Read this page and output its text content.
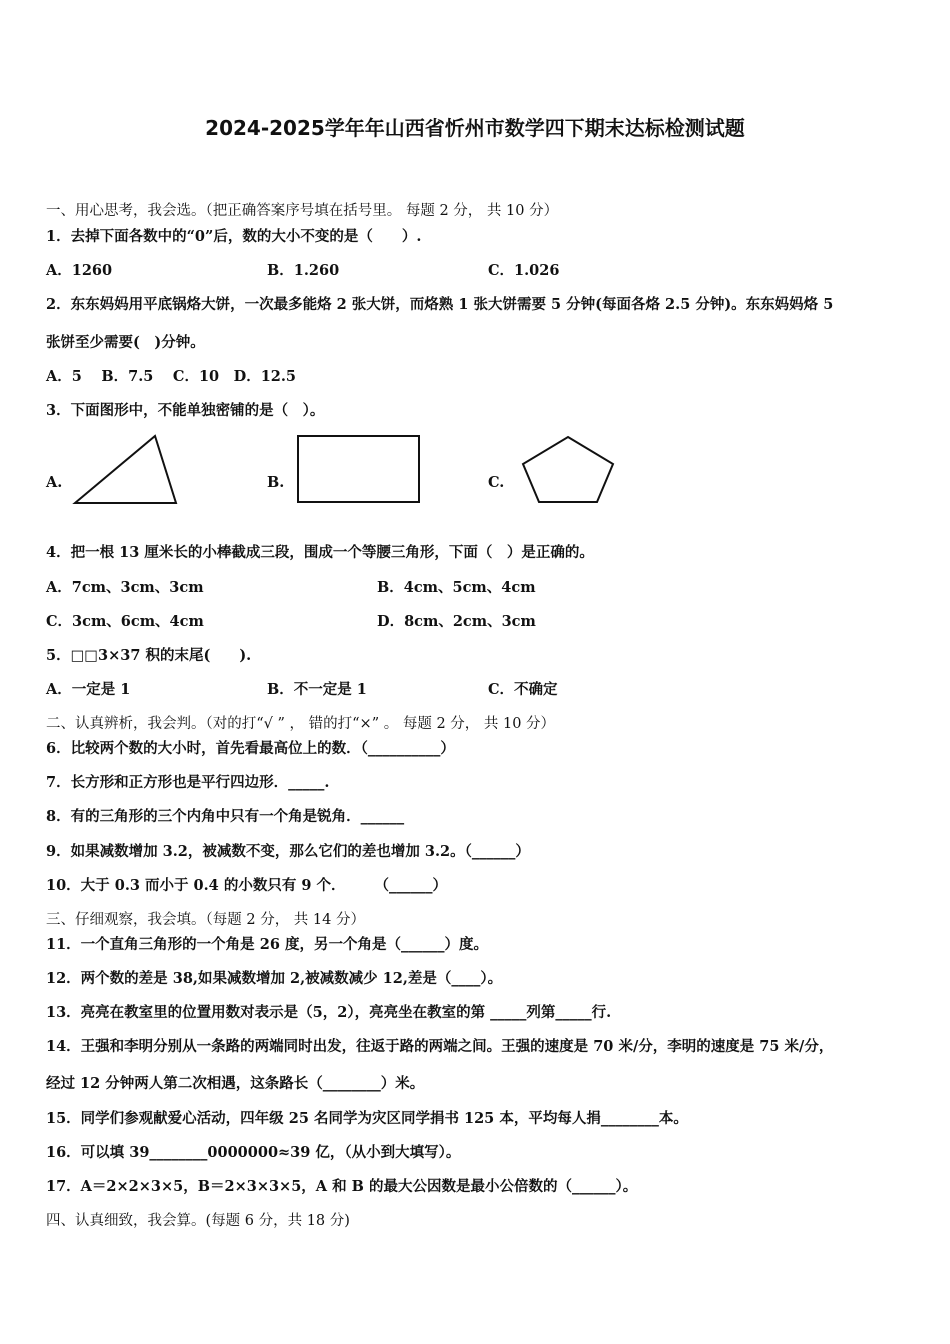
2024-2025学年年山西省忻州市数学四下期末达标检测试题
一、用心思考，我会选。（把正确答案序号填在括号里。 每题 2 分， 共 10 分）
1．去掉下面各数中的“0”后，数的大小不变的是（　　）.
A．1260	B．1.260	C．1.026
2．东东妈妈用平底锅烙大饼，一次最多能烙 2 张大饼，而烙熟 1 张大饼需要 5 分钟(每面各烙 2.5 分钟)。东东妈妈烙 5
张饼至少需要(　)分钟。
A．5　 B．7.5　 C．10　D．12.5
3．下面图形中，不能单独密铺的是（　）。
A.	B.	C.
4．把一根 13 厘米长的小棒截成三段，围成一个等腰三角形，下面（　）是正确的。
A．7cm、3cm、3cm	B．4cm、5cm、4cm
C．3cm、6cm、4cm	D．8cm、2cm、3cm
5．□□3×37 积的末尾(　　).
A．一定是 1	B．不一定是 1	C．不确定
二、认真辨析，我会判。（对的打“√ ” ， 错的打“×” 。 每题 2 分， 共 10 分）
6．比较两个数的大小时，首先看最高位上的数．（__________）
7．长方形和正方形也是平行四边形．_____.
8．有的三角形的三个内角中只有一个角是锐角．______
9．如果减数增加 3.2，被减数不变，那么它们的差也增加 3.2。（______）
10．大于 0.3 而小于 0.4 的小数只有 9 个．　　　（______）
三、仔细观察，我会填。（每题 2 分， 共 14 分）
11．一个直角三角形的一个角是 26 度，另一个角是（______）度。
12．两个数的差是 38,如果减数增加 2,被减数减少 12,差是（____）。
13．亮亮在教室里的位置用数对表示是（5，2），亮亮坐在教室的第 _____列第_____行.
14．王强和李明分别从一条路的两端同时出发，往返于路的两端之间。王强的速度是 70 米/分，李明的速度是 75 米/分，
经过 12 分钟两人第二次相遇，这条路长（________）米。
15．同学们参观献爱心活动，四年级 25 名同学为灾区同学捐书 125 本，平均每人捐________本。
16．可以填 39________0000000≈39 亿，（从小到大填写）。
17．A＝2×2×3×5，B＝2×3×3×5，A 和 B 的最大公因数是最小公倍数的（______）。
四、认真细致，我会算。(每题 6 分，共 18 分)
